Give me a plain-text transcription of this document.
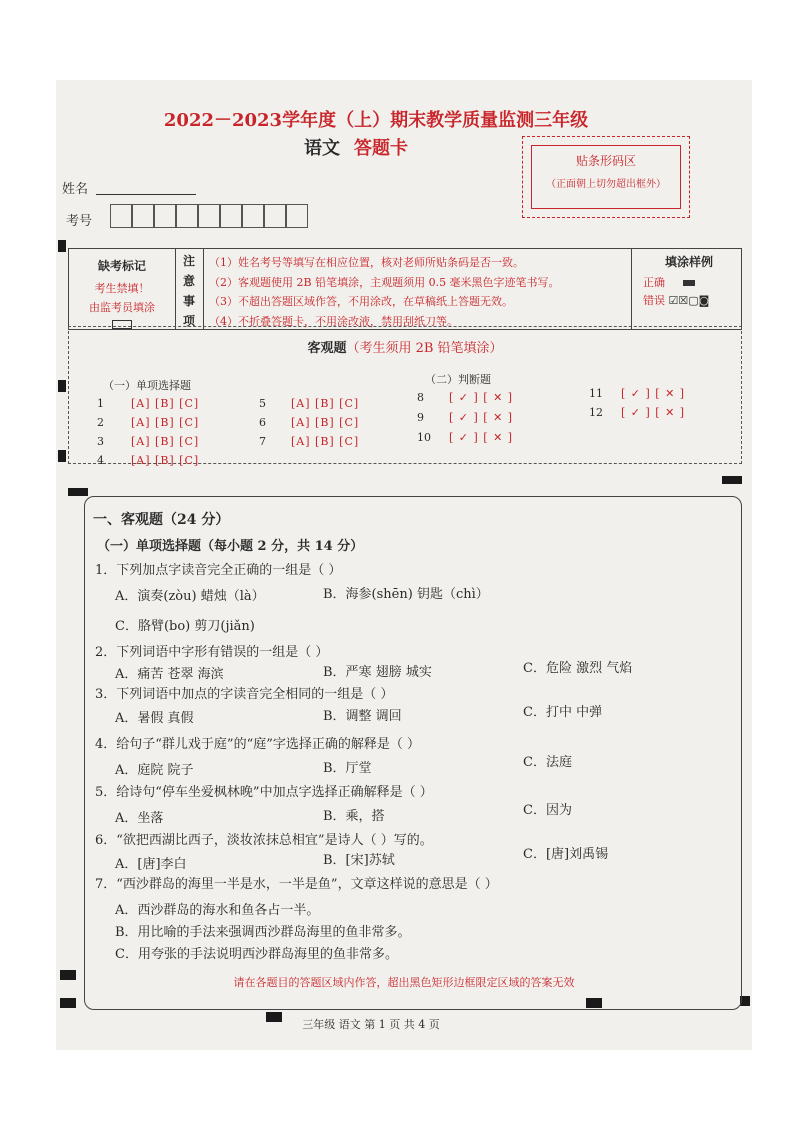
2022－2023学年度（上）期末教学质量监测三年级
语文 答题卡
贴条形码区
（正面朝上切勿超出框外）
姓名
考号
缺考标记
考生禁填！
由监考员填涂
注
意
事
项
（1）姓名考号等填写在相应位置，核对老师所贴条码是否一致。
（2）客观题使用 2B 铅笔填涂，主观题须用 0.5 毫米黑色字迹笔书写。
（3）不超出答题区域作答，不用涂改，在草稿纸上答题无效。
（4）不折叠答题卡，不用涂改液，禁用刮纸刀等。
填涂样例
正确
错误 ☑☒▢◙
客观题（考生须用 2B 铅笔填涂）
（一）单项选择题	（二）判断题
1 [A] [B] [C]
2 [A] [B] [C]
3 [A] [B] [C]
4 [A] [B] [C]
5 [A] [B] [C]
6 [A] [B] [C]
7 [A] [B] [C]
8 [ ✓ ] [ ✕ ]
9 [ ✓ ] [ ✕ ]
10 [ ✓ ] [ ✕ ]
11 [ ✓ ] [ ✕ ]
12 [ ✓ ] [ ✕ ]
一、客观题（24 分）
（一）单项选择题（每小题 2 分，共 14 分）
1．下列加点字读音完全正确的一组是（ ）
A．演奏(zòu) 蜡烛（là）	B．海参(shēn) 钥匙（chì）
C．胳臂(bo) 剪刀(jiǎn)
2．下列词语中字形有错误的一组是（ ）
A．痛苦 苍翠 海滨	B．严寒 翅膀 城实	C．危险 激烈 气焰
3．下列词语中加点的字读音完全相同的一组是（ ）
A．暑假 真假	B．调整 调回	C．打中 中弹
4．给句子“群儿戏于庭”的“庭”字选择正确的解释是（ ）
A．庭院 院子	B．厅堂	C．法庭
5．给诗句“停车坐爱枫林晚”中加点字选择正确解释是（ ）
A．坐落	B．乘，搭	C．因为
6．“欲把西湖比西子，淡妆浓抹总相宜”是诗人（ ）写的。
A．[唐]李白	B．[宋]苏轼	C．[唐]刘禹锡
7．“西沙群岛的海里一半是水，一半是鱼”，文章这样说的意思是（ ）
A．西沙群岛的海水和鱼各占一半。
B．用比喻的手法来强调西沙群岛海里的鱼非常多。
C．用夸张的手法说明西沙群岛海里的鱼非常多。
请在各题目的答题区域内作答，超出黑色矩形边框限定区域的答案无效
三年级 语文 第 1 页 共 4 页
